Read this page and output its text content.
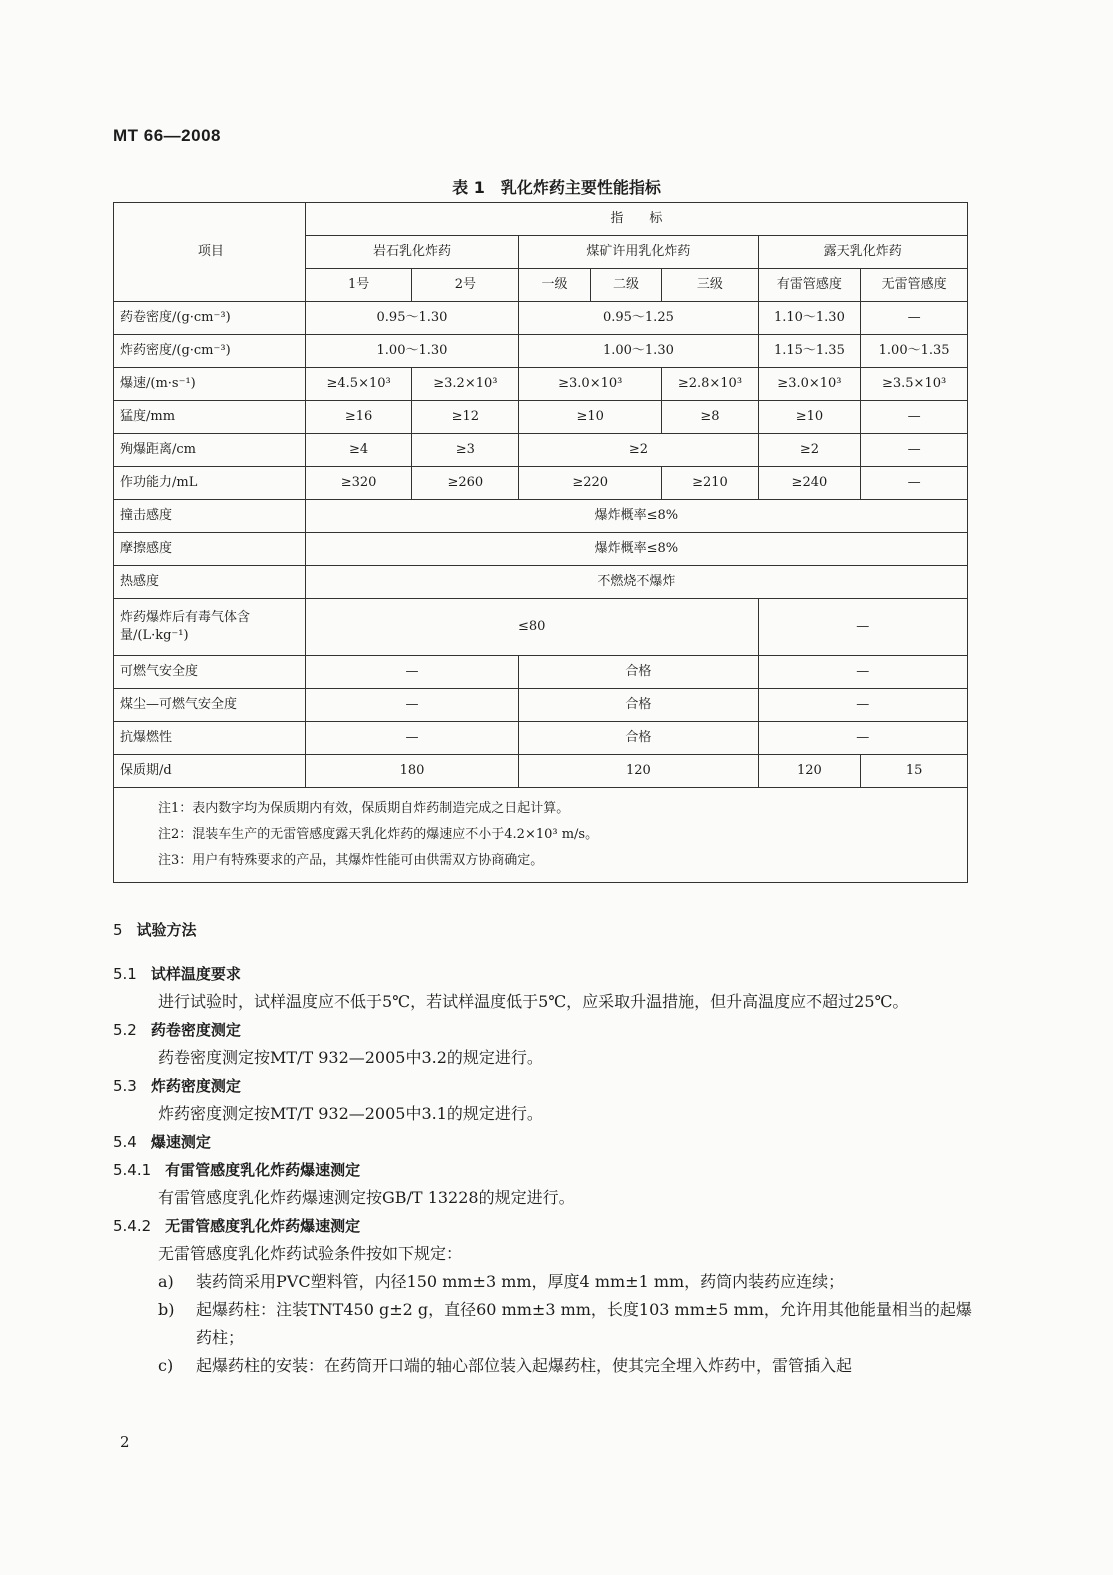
MT 66—2008
表 1　乳化炸药主要性能指标
项目	指　　标						
	岩石乳化炸药		煤矿许用乳化炸药			露天乳化炸药	
	1号	2号	一级	二级	三级	有雷管感度	无雷管感度
药卷密度/(g·cm⁻³)	0.95～1.30		0.95～1.25			1.10～1.30	—
炸药密度/(g·cm⁻³)	1.00～1.30		1.00～1.30			1.15～1.35	1.00～1.35
爆速/(m·s⁻¹)	≥4.5×10³	≥3.2×10³	≥3.0×10³		≥2.8×10³	≥3.0×10³	≥3.5×10³
猛度/mm	≥16	≥12	≥10		≥8	≥10	—
殉爆距离/cm	≥4	≥3	≥2			≥2	—
作功能力/mL	≥320	≥260	≥220		≥210	≥240	—
撞击感度	爆炸概率≤8%						
摩擦感度	爆炸概率≤8%						
热感度	不燃烧不爆炸						
炸药爆炸后有毒气体含量/(L·kg⁻¹)	≤80					—	
可燃气安全度	—		合格			—	
煤尘—可燃气安全度	—		合格			—	
抗爆燃性	—		合格			—	
保质期/d	180		120			120	15

注1：表内数字均为保质期内有效，保质期自炸药制造完成之日起计算。
注2：混装车生产的无雷管感度露天乳化炸药的爆速应不小于4.2×10³ m/s。
注3：用户有特殊要求的产品，其爆炸性能可由供需双方协商确定。							
5 试验方法
5.1 试样温度要求
进行试验时，试样温度应不低于5℃，若试样温度低于5℃，应采取升温措施，但升高温度应不超过25℃。
5.2 药卷密度测定
药卷密度测定按MT/T 932—2005中3.2的规定进行。
5.3 炸药密度测定
炸药密度测定按MT/T 932—2005中3.1的规定进行。
5.4 爆速测定
5.4.1 有雷管感度乳化炸药爆速测定
有雷管感度乳化炸药爆速测定按GB/T 13228的规定进行。
5.4.2 无雷管感度乳化炸药爆速测定
无雷管感度乳化炸药试验条件按如下规定：
a)	装药筒采用PVC塑料管，内径150 mm±3 mm，厚度4 mm±1 mm，药筒内装药应连续；
b)	起爆药柱：注装TNT450 g±2 g，直径60 mm±3 mm，长度103 mm±5 mm，允许用其他能量相当的起爆药柱；
c)	起爆药柱的安装：在药筒开口端的轴心部位装入起爆药柱，使其完全埋入炸药中，雷管插入起
2
